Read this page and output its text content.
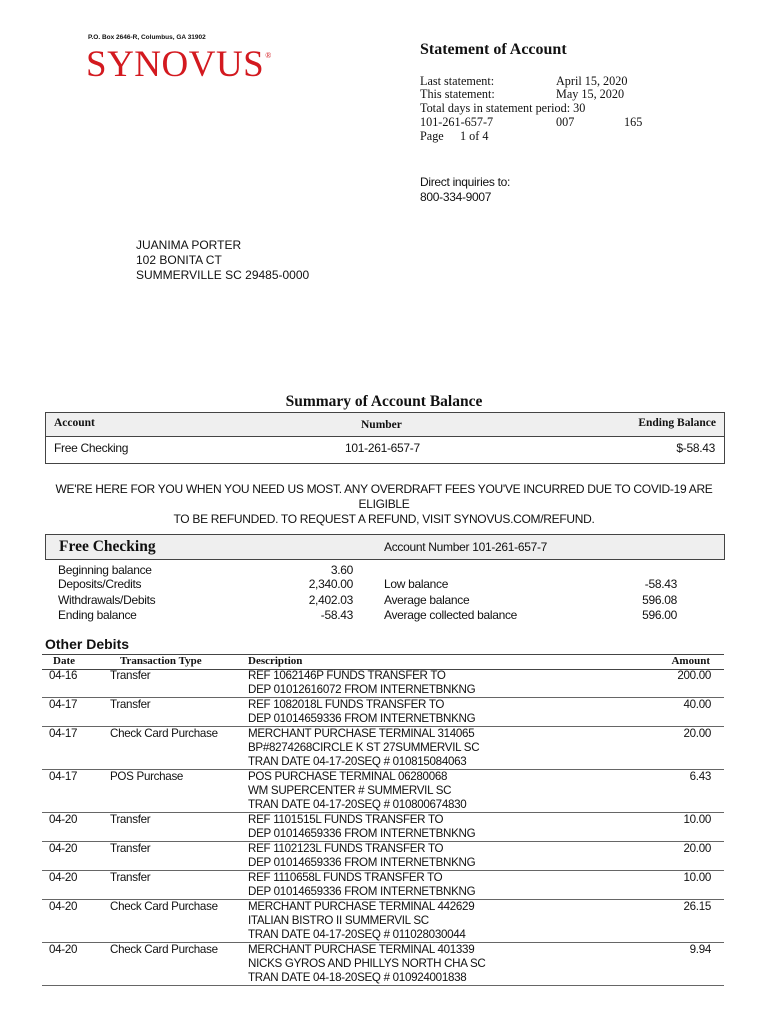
P.O. Box 2646-R, Columbus, GA 31902
SYNOVUS®	Statement of Account
Last statement:	April 15, 2020
This statement:	May 15, 2020
Total days in statement period: 30
101-261-657-7	007	165
Page 1 of 4
Direct inquiries to:
800-334-9007
JUANIMA PORTER
102 BONITA CT
SUMMERVILLE SC 29485-0000
Summary of Account Balance
Account	Number	Ending Balance
Free Checking	101-261-657-7	$-58.43
WE'RE HERE FOR YOU WHEN YOU NEED US MOST. ANY OVERDRAFT FEES YOU'VE INCURRED DUE TO COVID-19 ARE ELIGIBLE
TO BE REFUNDED. TO REQUEST A REFUND, VISIT SYNOVUS.COM/REFUND.
Free Checking	Account Number 101-261-657-7
Beginning balance	3.60
Deposits/Credits	2,340.00
Withdrawals/Debits	2,402.03
Ending balance	-58.43
Low balance	-58.43
Average balance	596.08
Average collected balance	596.00
Other Debits
Date	Transaction Type	Description	Amount
04-16	Transfer	REF 1062146P FUNDS TRANSFER TO
DEP 01012616072 FROM INTERNETBNKNG
200.00
04-17	Transfer	REF 1082018L FUNDS TRANSFER TO
DEP 01014659336 FROM INTERNETBNKNG
40.00
04-17	Check Card Purchase	MERCHANT PURCHASE TERMINAL 314065
BP#8274268CIRCLE K ST 27SUMMERVIL SC
TRAN DATE 04-17-20SEQ # 010815084063
20.00
04-17	POS Purchase	POS PURCHASE TERMINAL 06280068
WM SUPERCENTER # SUMMERVIL SC
TRAN DATE 04-17-20SEQ # 010800674830
6.43
04-20	Transfer	REF 1101515L FUNDS TRANSFER TO
DEP 01014659336 FROM INTERNETBNKNG
10.00
04-20	Transfer	REF 1102123L FUNDS TRANSFER TO
DEP 01014659336 FROM INTERNETBNKNG
20.00
04-20	Transfer	REF 1110658L FUNDS TRANSFER TO
DEP 01014659336 FROM INTERNETBNKNG
10.00
04-20	Check Card Purchase	MERCHANT PURCHASE TERMINAL 442629
ITALIAN BISTRO II SUMMERVIL SC
TRAN DATE 04-17-20SEQ # 011028030044
26.15
04-20	Check Card Purchase	MERCHANT PURCHASE TERMINAL 401339
NICKS GYROS AND PHILLYS NORTH CHA SC
TRAN DATE 04-18-20SEQ # 010924001838
9.94
